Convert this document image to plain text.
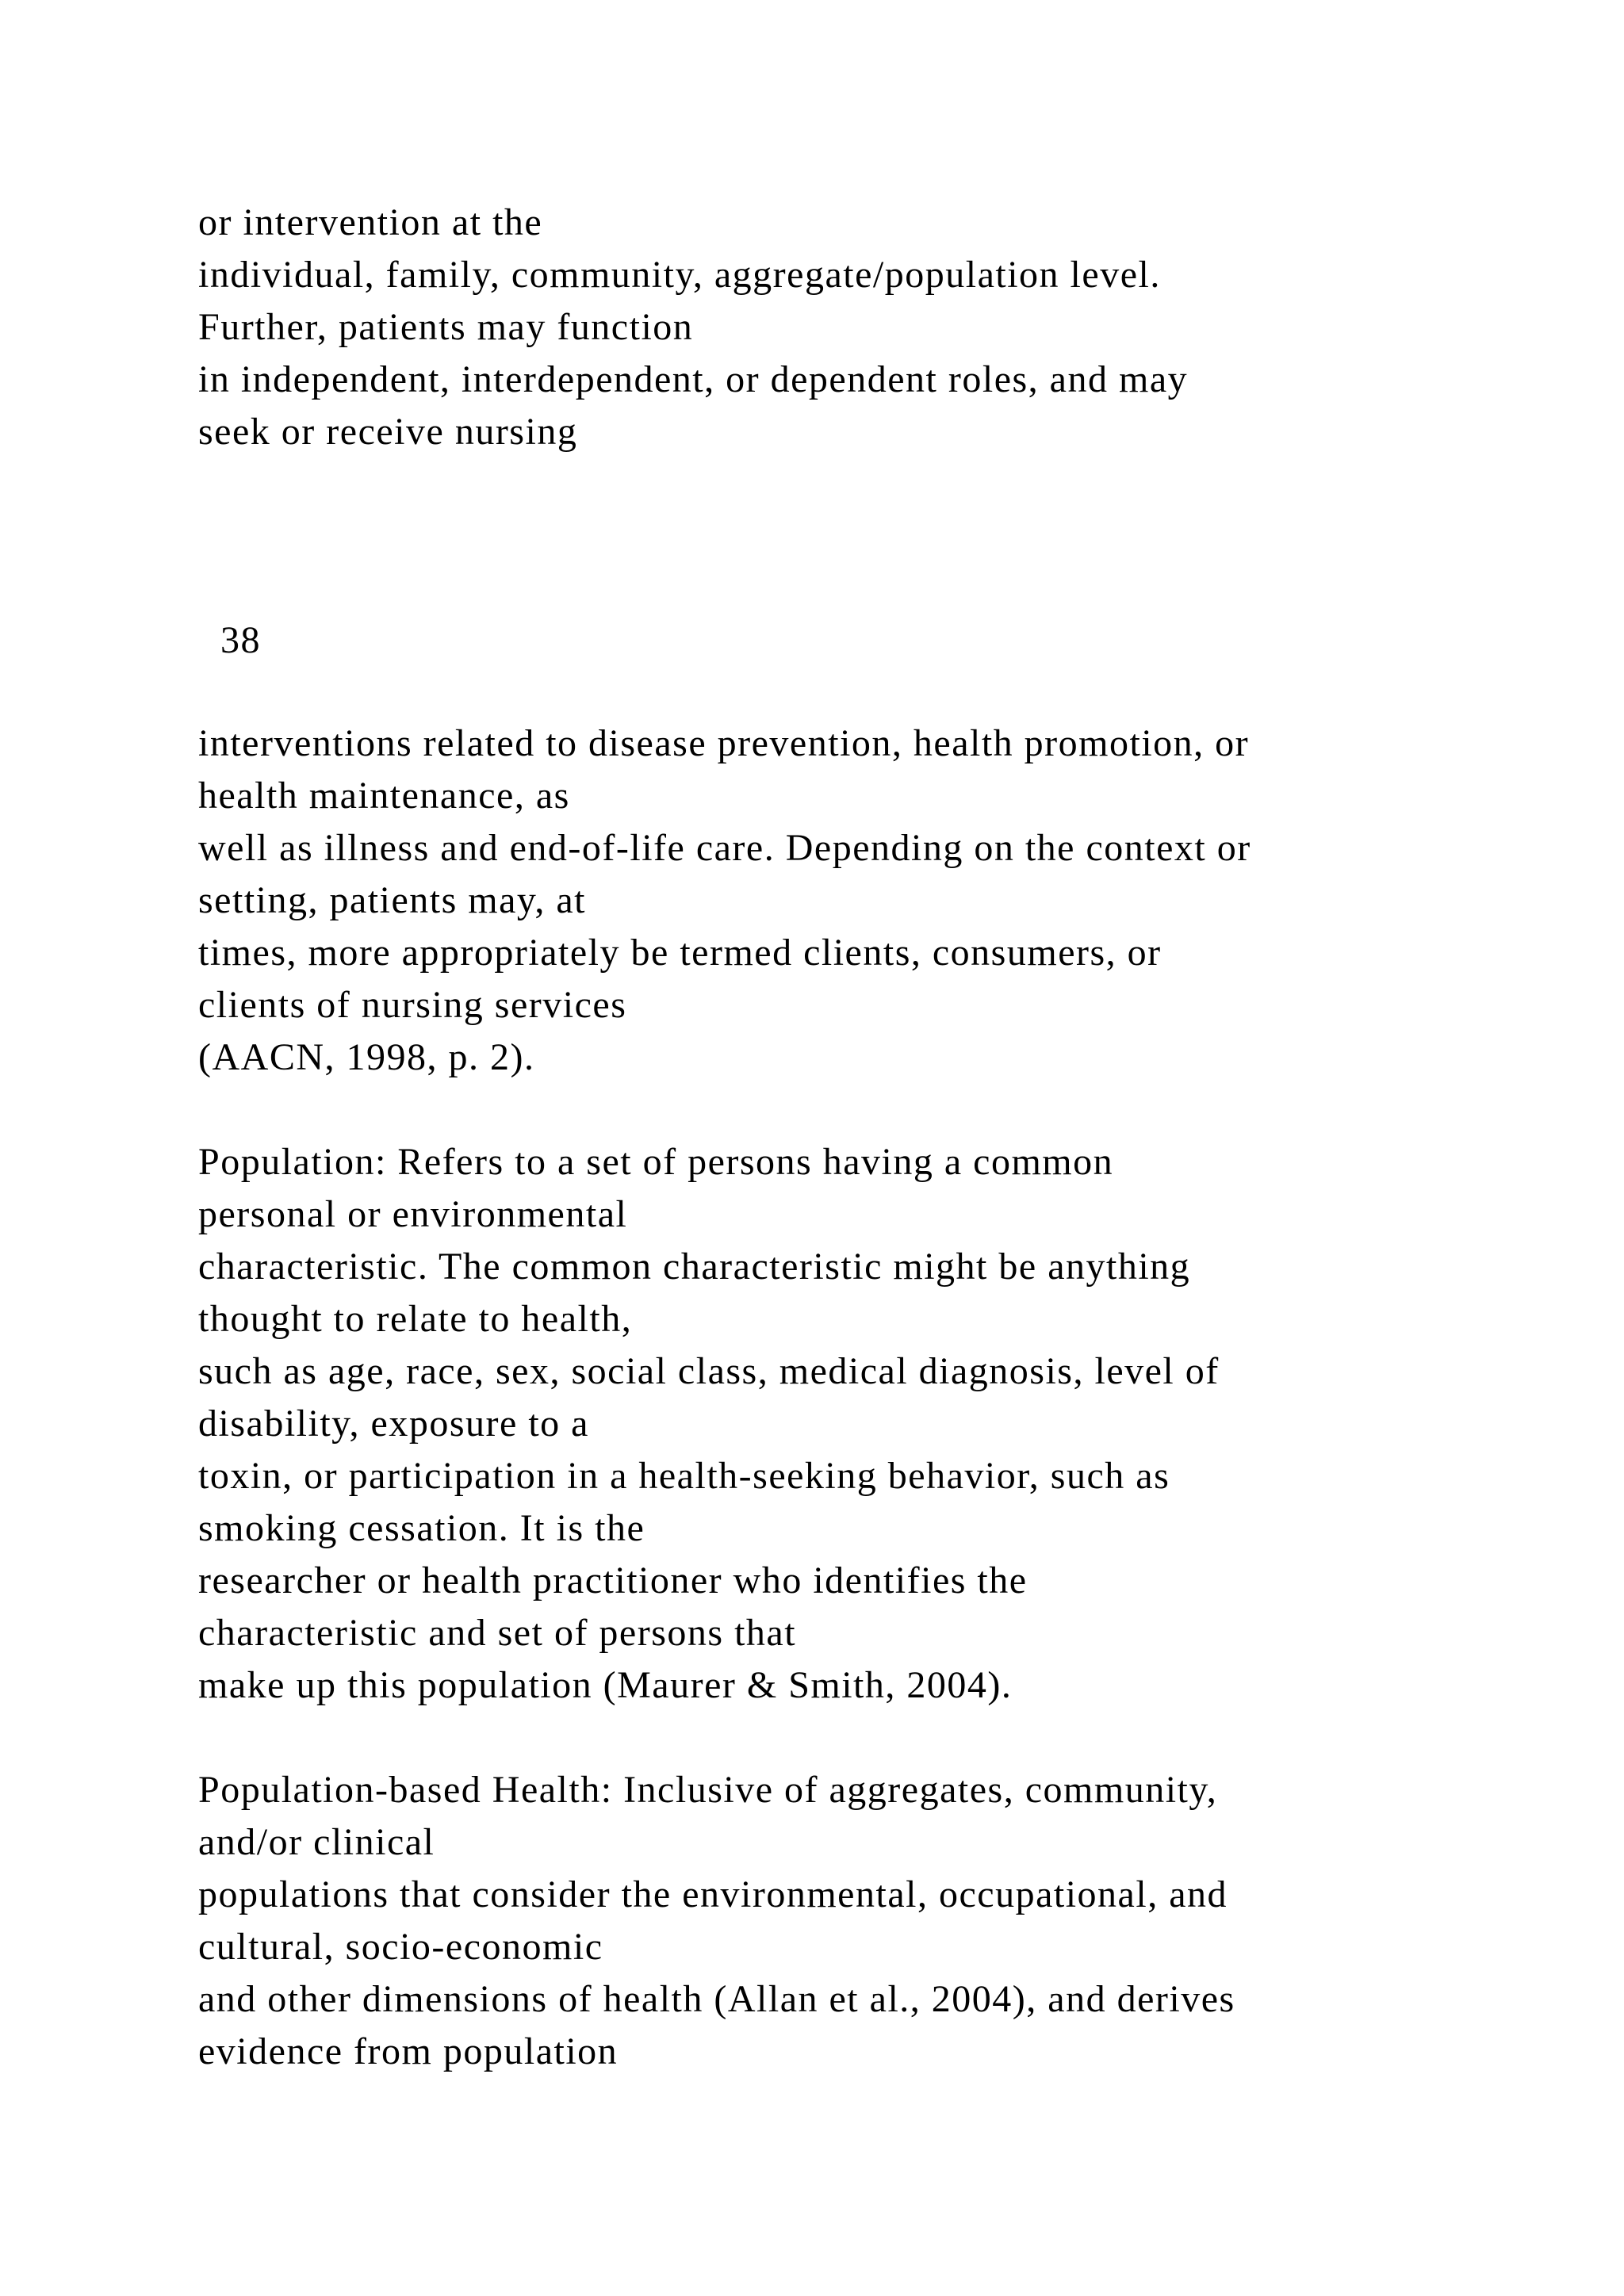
or intervention at the
individual, family, community, aggregate/population level.
Further, patients may function
in independent, interdependent, or dependent roles, and may
seek or receive nursing
38
interventions related to disease prevention, health promotion, or
health maintenance, as
well as illness and end-of-life care. Depending on the context or
setting, patients may, at
times, more appropriately be termed clients, consumers, or
clients of nursing services
(AACN, 1998, p. 2).
Population: Refers to a set of persons having a common
personal or environmental
characteristic. The common characteristic might be anything
thought to relate to health,
such as age, race, sex, social class, medical diagnosis, level of
disability, exposure to a
toxin, or participation in a health-seeking behavior, such as
smoking cessation. It is the
researcher or health practitioner who identifies the
characteristic and set of persons that
make up this population (Maurer & Smith, 2004).
Population-based Health: Inclusive of aggregates, community,
and/or clinical
populations that consider the environmental, occupational, and
cultural, socio-economic
and other dimensions of health (Allan et al., 2004), and derives
evidence from population
